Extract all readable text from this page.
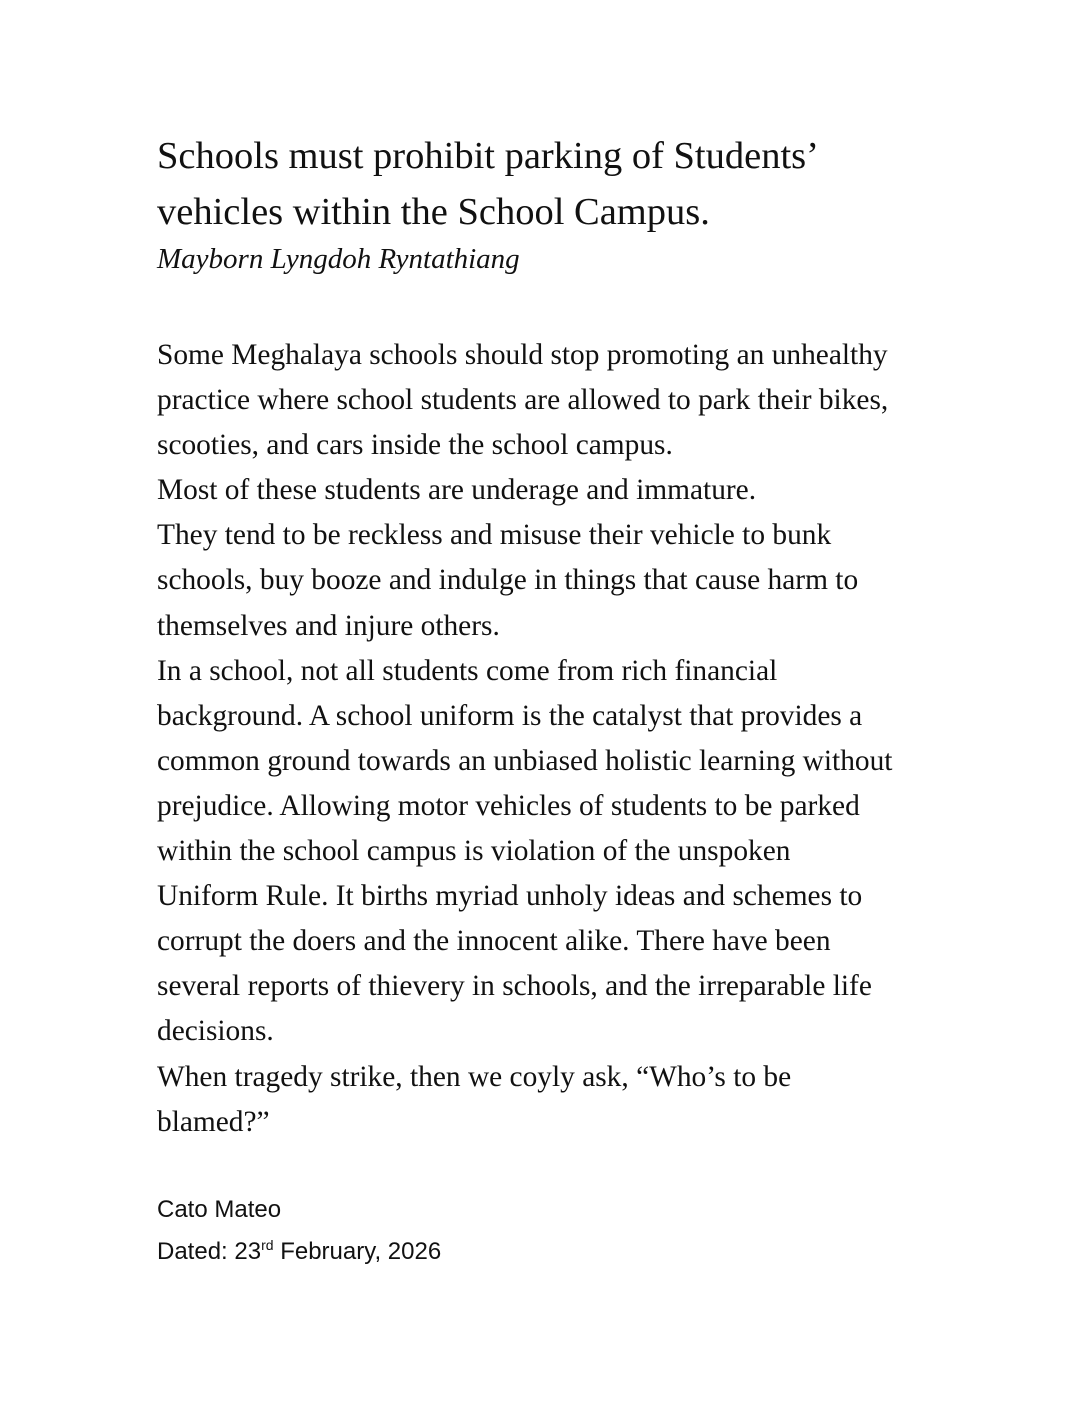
Schools must prohibit parking of Students’
vehicles within the School Campus.
Mayborn Lyngdoh Ryntathiang
Some Meghalaya schools should stop promoting an unhealthy
practice where school students are allowed to park their bikes,
scooties, and cars inside the school campus.
Most of these students are underage and immature.
They tend to be reckless and misuse their vehicle to bunk
schools, buy booze and indulge in things that cause harm to
themselves and injure others.
In a school, not all students come from rich financial
background. A school uniform is the catalyst that provides a
common ground towards an unbiased holistic learning without
prejudice. Allowing motor vehicles of students to be parked
within the school campus is violation of the unspoken
Uniform Rule. It births myriad unholy ideas and schemes to
corrupt the doers and the innocent alike. There have been
several reports of thievery in schools, and the irreparable life
decisions.
When tragedy strike, then we coyly ask, “Who’s to be
blamed?”
Cato Mateo
Dated: 23rd February, 2026
